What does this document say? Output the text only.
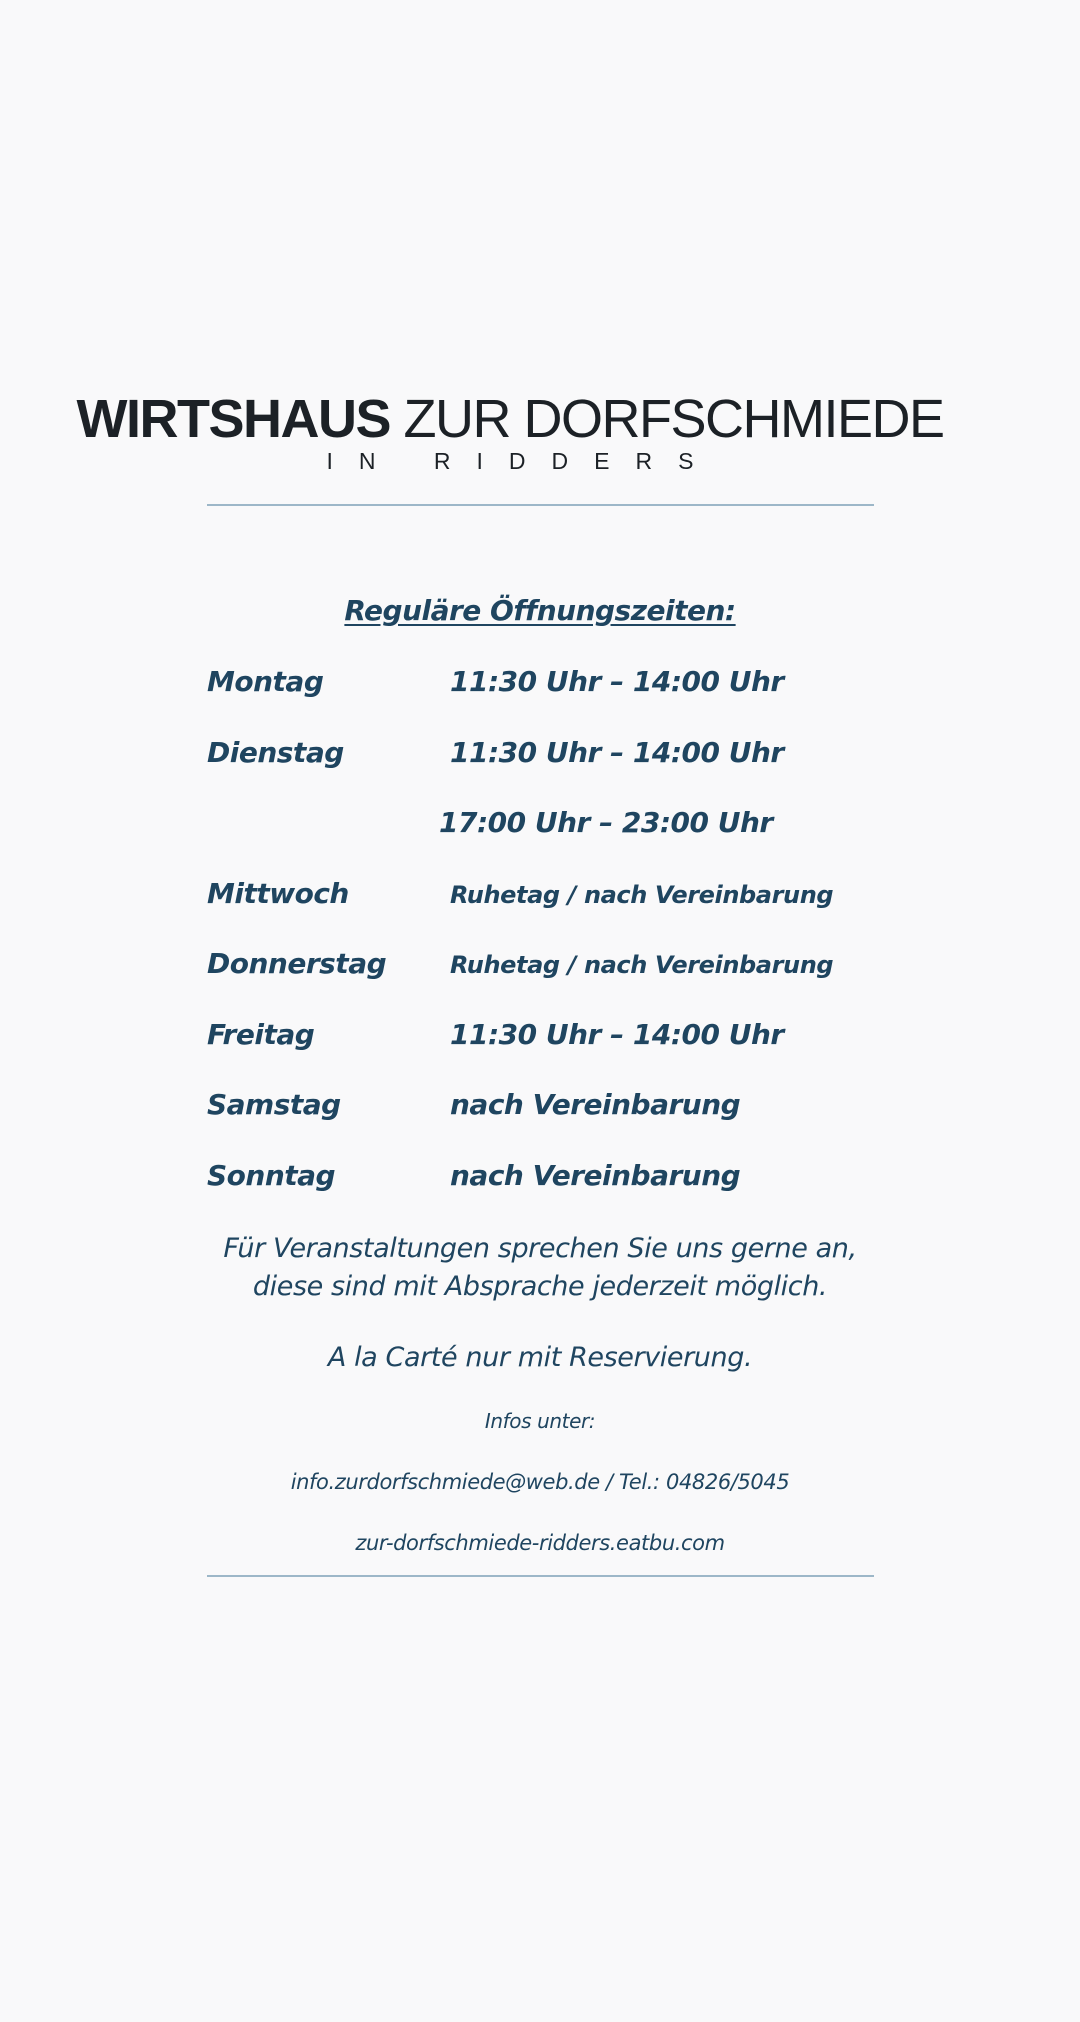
WIRTSHAUS ZUR DORFSCHMIEDE
IN RIDDERS
Reguläre Öffnungszeiten:
Montag	11:30 Uhr – 14:00 Uhr
Dienstag	11:30 Uhr – 14:00 Uhr
17:00 Uhr – 23:00 Uhr
Mittwoch	Ruhetag / nach Vereinbarung
Donnerstag	Ruhetag / nach Vereinbarung
Freitag	11:30 Uhr – 14:00 Uhr
Samstag	nach Vereinbarung
Sonntag	nach Vereinbarung
Für Veranstaltungen sprechen Sie uns gerne an,
diese sind mit Absprache jederzeit möglich.
A la Carté nur mit Reservierung.
Infos unter:
info.zurdorfschmiede@web.de / Tel.: 04826/5045
zur-dorfschmiede-ridders.eatbu.com
